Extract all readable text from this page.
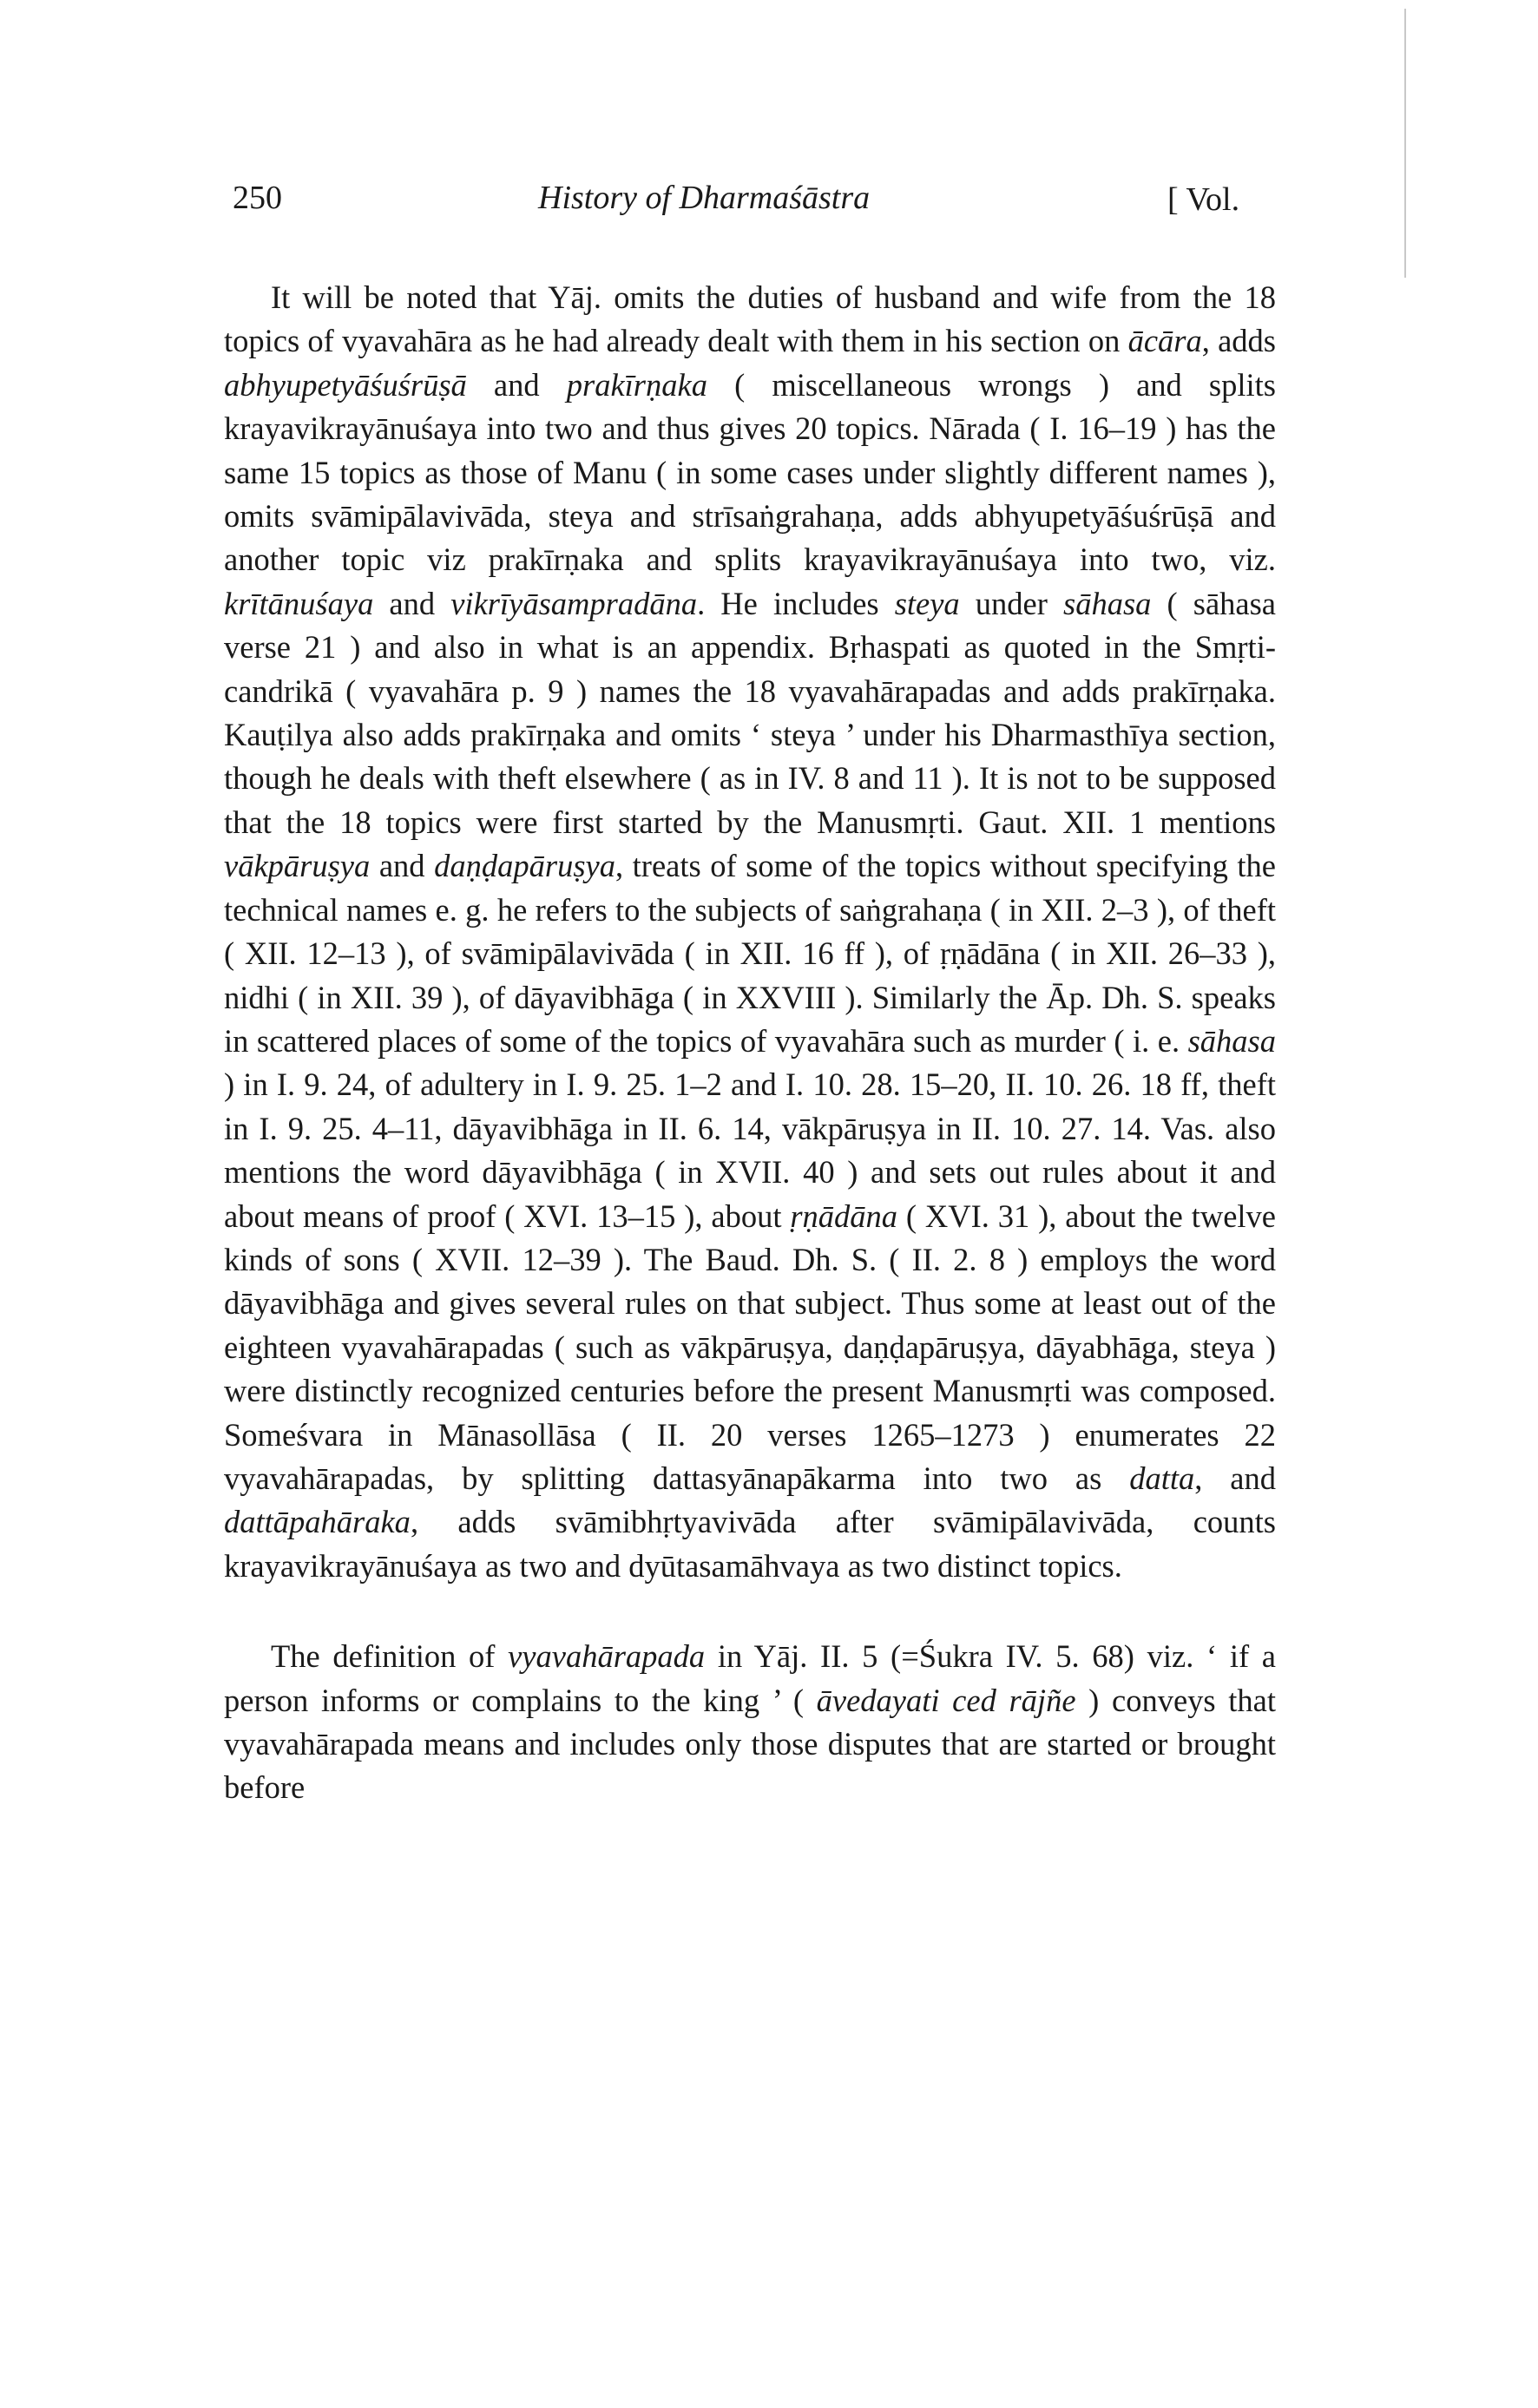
250	History of Dharmaśāstra	[ Vol.

It will be noted that Yāj. omits the duties of husband and wife from the 18 topics of vyavahāra as he had already dealt with them in his section on ācāra, adds abhyupetyāśuśrūṣā and prakīrṇaka ( miscellaneous wrongs ) and splits krayavikrayānuśaya into two and thus gives 20 topics. Nārada ( I. 16–19 ) has the same 15 topics as those of Manu ( in some cases under slightly different names ), omits svāmipālavivāda, steya and strīsaṅgrahaṇa, adds abhyupetyāśuśrūṣā and another topic viz prakīrṇaka and splits krayavikrayānuśaya into two, viz. krītānuśaya and vikrīyāsampradāna. He includes steya under sāhasa ( sāhasa verse 21 ) and also in what is an appendix. Bṛhaspati as quoted in the Smṛti-candrikā ( vyavahāra p. 9 ) names the 18 vyavahārapadas and adds prakīrṇaka. Kauṭilya also adds prakīrṇaka and omits ‘ steya ’ under his Dharmasthīya section, though he deals with theft elsewhere ( as in IV. 8 and 11 ). It is not to be supposed that the 18 topics were first started by the Manusmṛti. Gaut. XII. 1 mentions vākpāruṣya and daṇḍapāruṣya, treats of some of the topics without specifying the technical names e. g. he refers to the subjects of saṅgrahaṇa ( in XII. 2–3 ), of theft ( XII. 12–13 ), of svāmipālavivāda ( in XII. 16 ff ), of ṛṇādāna ( in XII. 26–33 ), nidhi ( in XII. 39 ), of dāyavibhāga ( in XXVIII ). Similarly the Āp. Dh. S. speaks in scattered places of some of the topics of vyavahāra such as murder ( i. e. sāhasa ) in I. 9. 24, of adultery in I. 9. 25. 1–2 and I. 10. 28. 15–20, II. 10. 26. 18 ff, theft in I. 9. 25. 4–11, dāyavibhāga in II. 6. 14, vākpāruṣya in II. 10. 27. 14. Vas. also mentions the word dāyavibhāga ( in XVII. 40 ) and sets out rules about it and about means of proof ( XVI. 13–15 ), about ṛṇādāna ( XVI. 31 ), about the twelve kinds of sons ( XVII. 12–39 ). The Baud. Dh. S. ( II. 2. 8 ) employs the word dāyavibhāga and gives several rules on that subject. Thus some at least out of the eighteen vyavahārapadas ( such as vākpāruṣya, daṇḍapāruṣya, dāyabhāga, steya ) were distinctly recognized centuries before the present Manusmṛti was composed. Someśvara in Mānasollāsa ( II. 20 verses 1265–1273 ) enumerates 22 vyavahārapadas, by splitting dattasyānapākarma into two as datta, and dattāpahāraka, adds svāmibhṛtyavivāda after svāmipālavivāda, counts krayavikrayānuśaya as two and dyūtasamāhvaya as two distinct topics.

The definition of vyavahārapada in Yāj. II. 5 (=Śukra IV. 5. 68) viz. ‘ if a person informs or complains to the king ’ ( āvedayati ced rājñe ) conveys that vyavahārapada means and includes only those disputes that are started or brought before
